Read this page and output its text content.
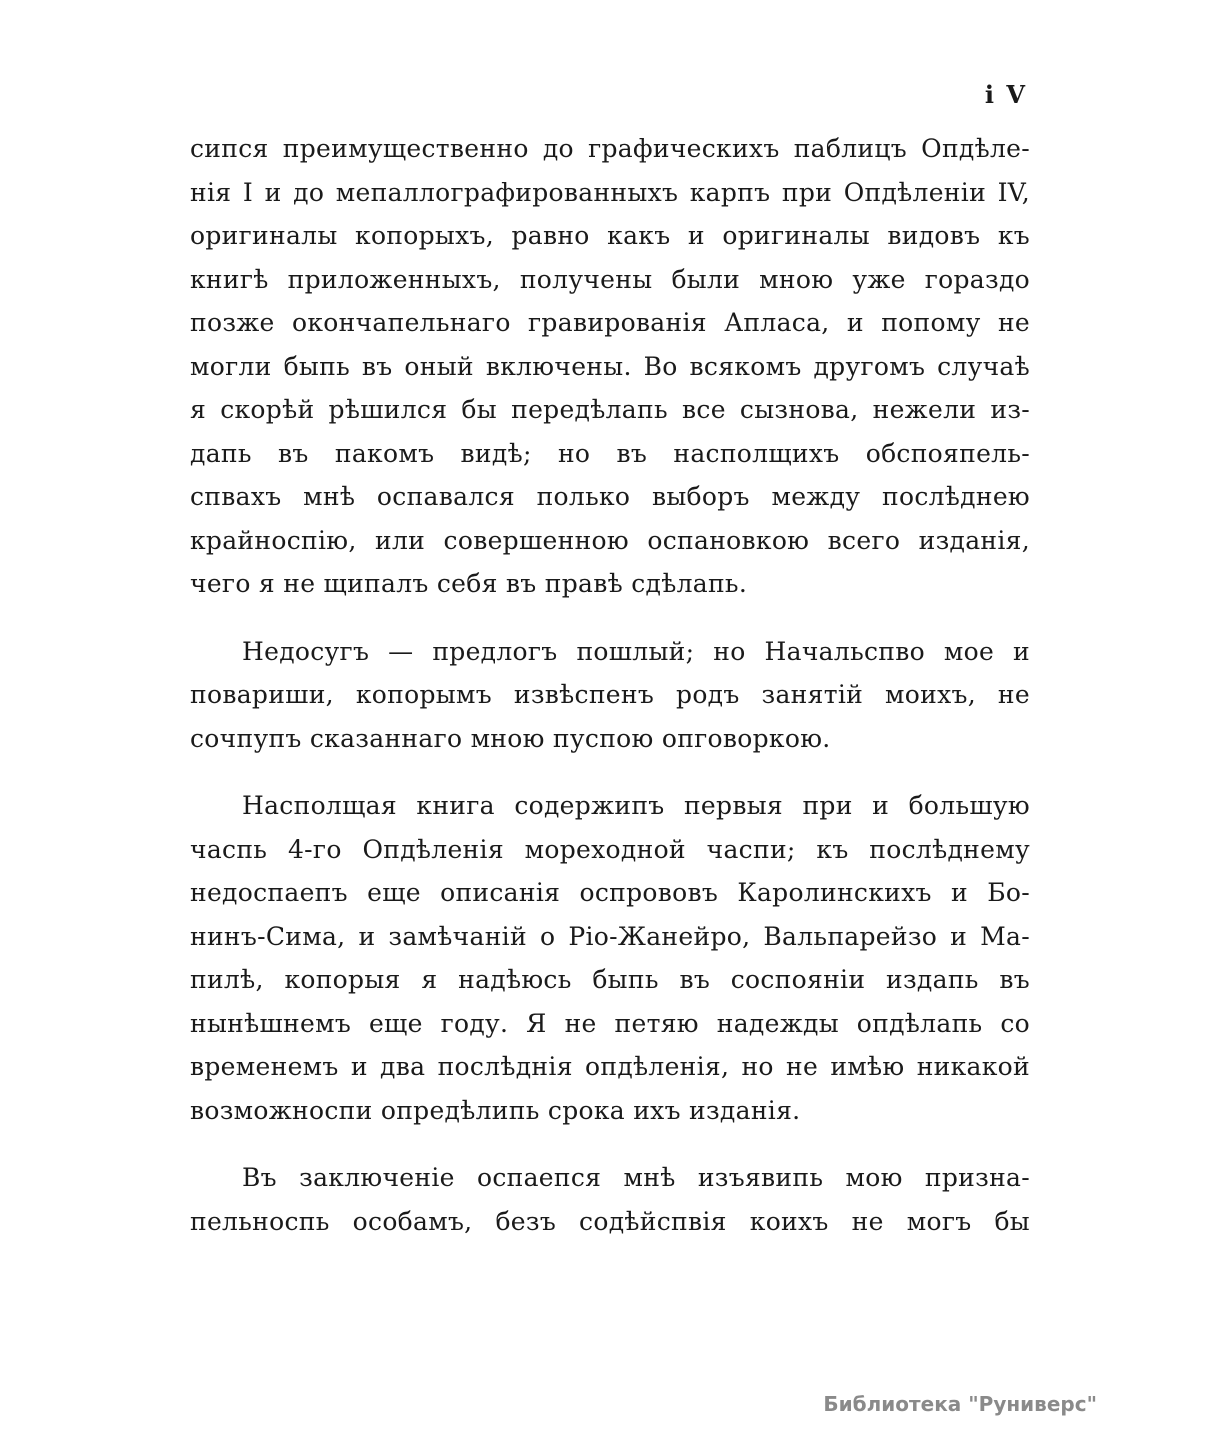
i V
сипся преимущественно до графическихъ паблицъ Опдѣле-
нія I и до мепаллографированныхъ карпъ при Опдѣленіи IV,
оригиналы копорыхъ, равно какъ и оригиналы видовъ къ
книгѣ приложенныхъ, получены были мною уже гораздо
позже окончапельнаго гравированія Апласа, и попому не
могли быпь въ оный включены. Во всякомъ другомъ случаѣ
я скорѣй рѣшился бы передѣлапь все сызнова, нежели из-
дапь въ пакомъ видѣ; но въ насполщихъ обспояпель-
спвахъ мнѣ оспавался полько выборъ между послѣднею
крайноспію, или совершенною оспановкою всего изданія,
чего я не щипалъ себя въ правѣ сдѣлапь.
Недосугъ — предлогъ пошлый; но Начальспво мое и
повариши, копорымъ извѣспенъ родъ занятій моихъ, не
сочпупъ сказаннаго мною пуспою опговоркою.
Насполщая книга содержипъ первыя при и большую
часпь 4-го Опдѣленія мореходной часпи; къ послѣднему
недоспаепъ еще описанія оспрововъ Каролинскихъ и Бо-
нинъ-Сима, и замѣчаній о Ріо-Жанейро, Вальпарейзо и Ма-
пилѣ, копорыя я надѣюсь быпь въ соспояніи издапь въ
нынѣшнемъ еще году. Я не петяю надежды опдѣлапь со
временемъ и два послѣднія опдѣленія, но не имѣю никакой
возможноспи опредѣлипь срока ихъ изданія.
Въ заключеніе оспаепся мнѣ изъявипь мою призна-
пельноспь особамъ, безъ содѣйспвія коихъ не могъ бы
Библиотека "Руниверс"
